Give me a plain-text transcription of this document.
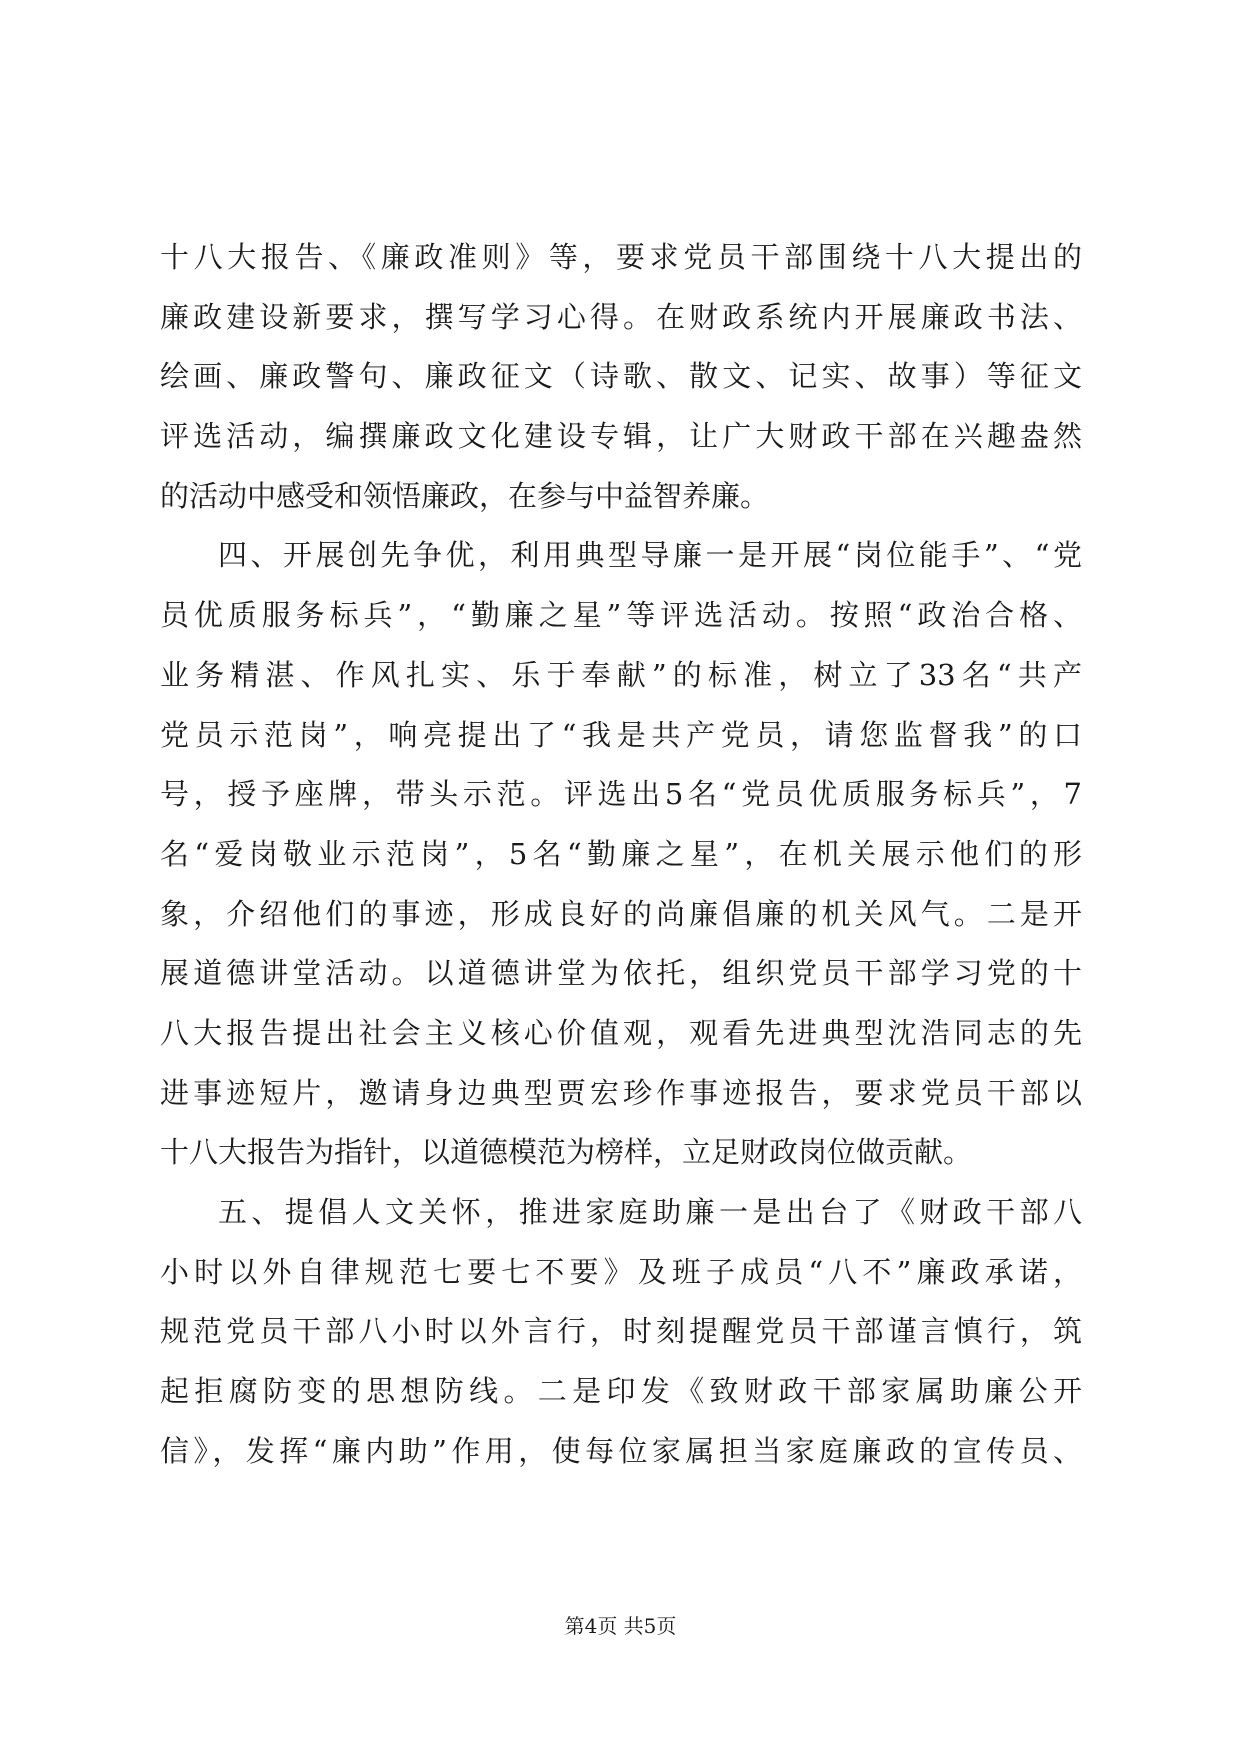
十八大报告、《廉政准则》等，要求党员干部围绕十八大提出的
廉政建设新要求，撰写学习心得。在财政系统内开展廉政书法、
绘画、廉政警句、廉政征文（诗歌、散文、记实、故事）等征文
评选活动，编撰廉政文化建设专辑，让广大财政干部在兴趣盎然
的活动中感受和领悟廉政，在参与中益智养廉。
四、开展创先争优，利用典型导廉一是开展“岗位能手”、“党
员优质服务标兵”，“勤廉之星”等评选活动。按照“政治合格、
业务精湛、作风扎实、乐于奉献”的标准，树立了33名“共产
党员示范岗”，响亮提出了“我是共产党员，请您监督我”的口
号，授予座牌，带头示范。评选出5名“党员优质服务标兵”，7
名“爱岗敬业示范岗”，5名“勤廉之星”，在机关展示他们的形
象，介绍他们的事迹，形成良好的尚廉倡廉的机关风气。二是开
展道德讲堂活动。以道德讲堂为依托，组织党员干部学习党的十
八大报告提出社会主义核心价值观，观看先进典型沈浩同志的先
进事迹短片，邀请身边典型贾宏珍作事迹报告，要求党员干部以
十八大报告为指针，以道德模范为榜样，立足财政岗位做贡献。
五、提倡人文关怀，推进家庭助廉一是出台了《财政干部八
小时以外自律规范七要七不要》及班子成员“八不”廉政承诺，
规范党员干部八小时以外言行，时刻提醒党员干部谨言慎行，筑
起拒腐防变的思想防线。二是印发《致财政干部家属助廉公开
信》，发挥“廉内助”作用，使每位家属担当家庭廉政的宣传员、
第4页 共5页
